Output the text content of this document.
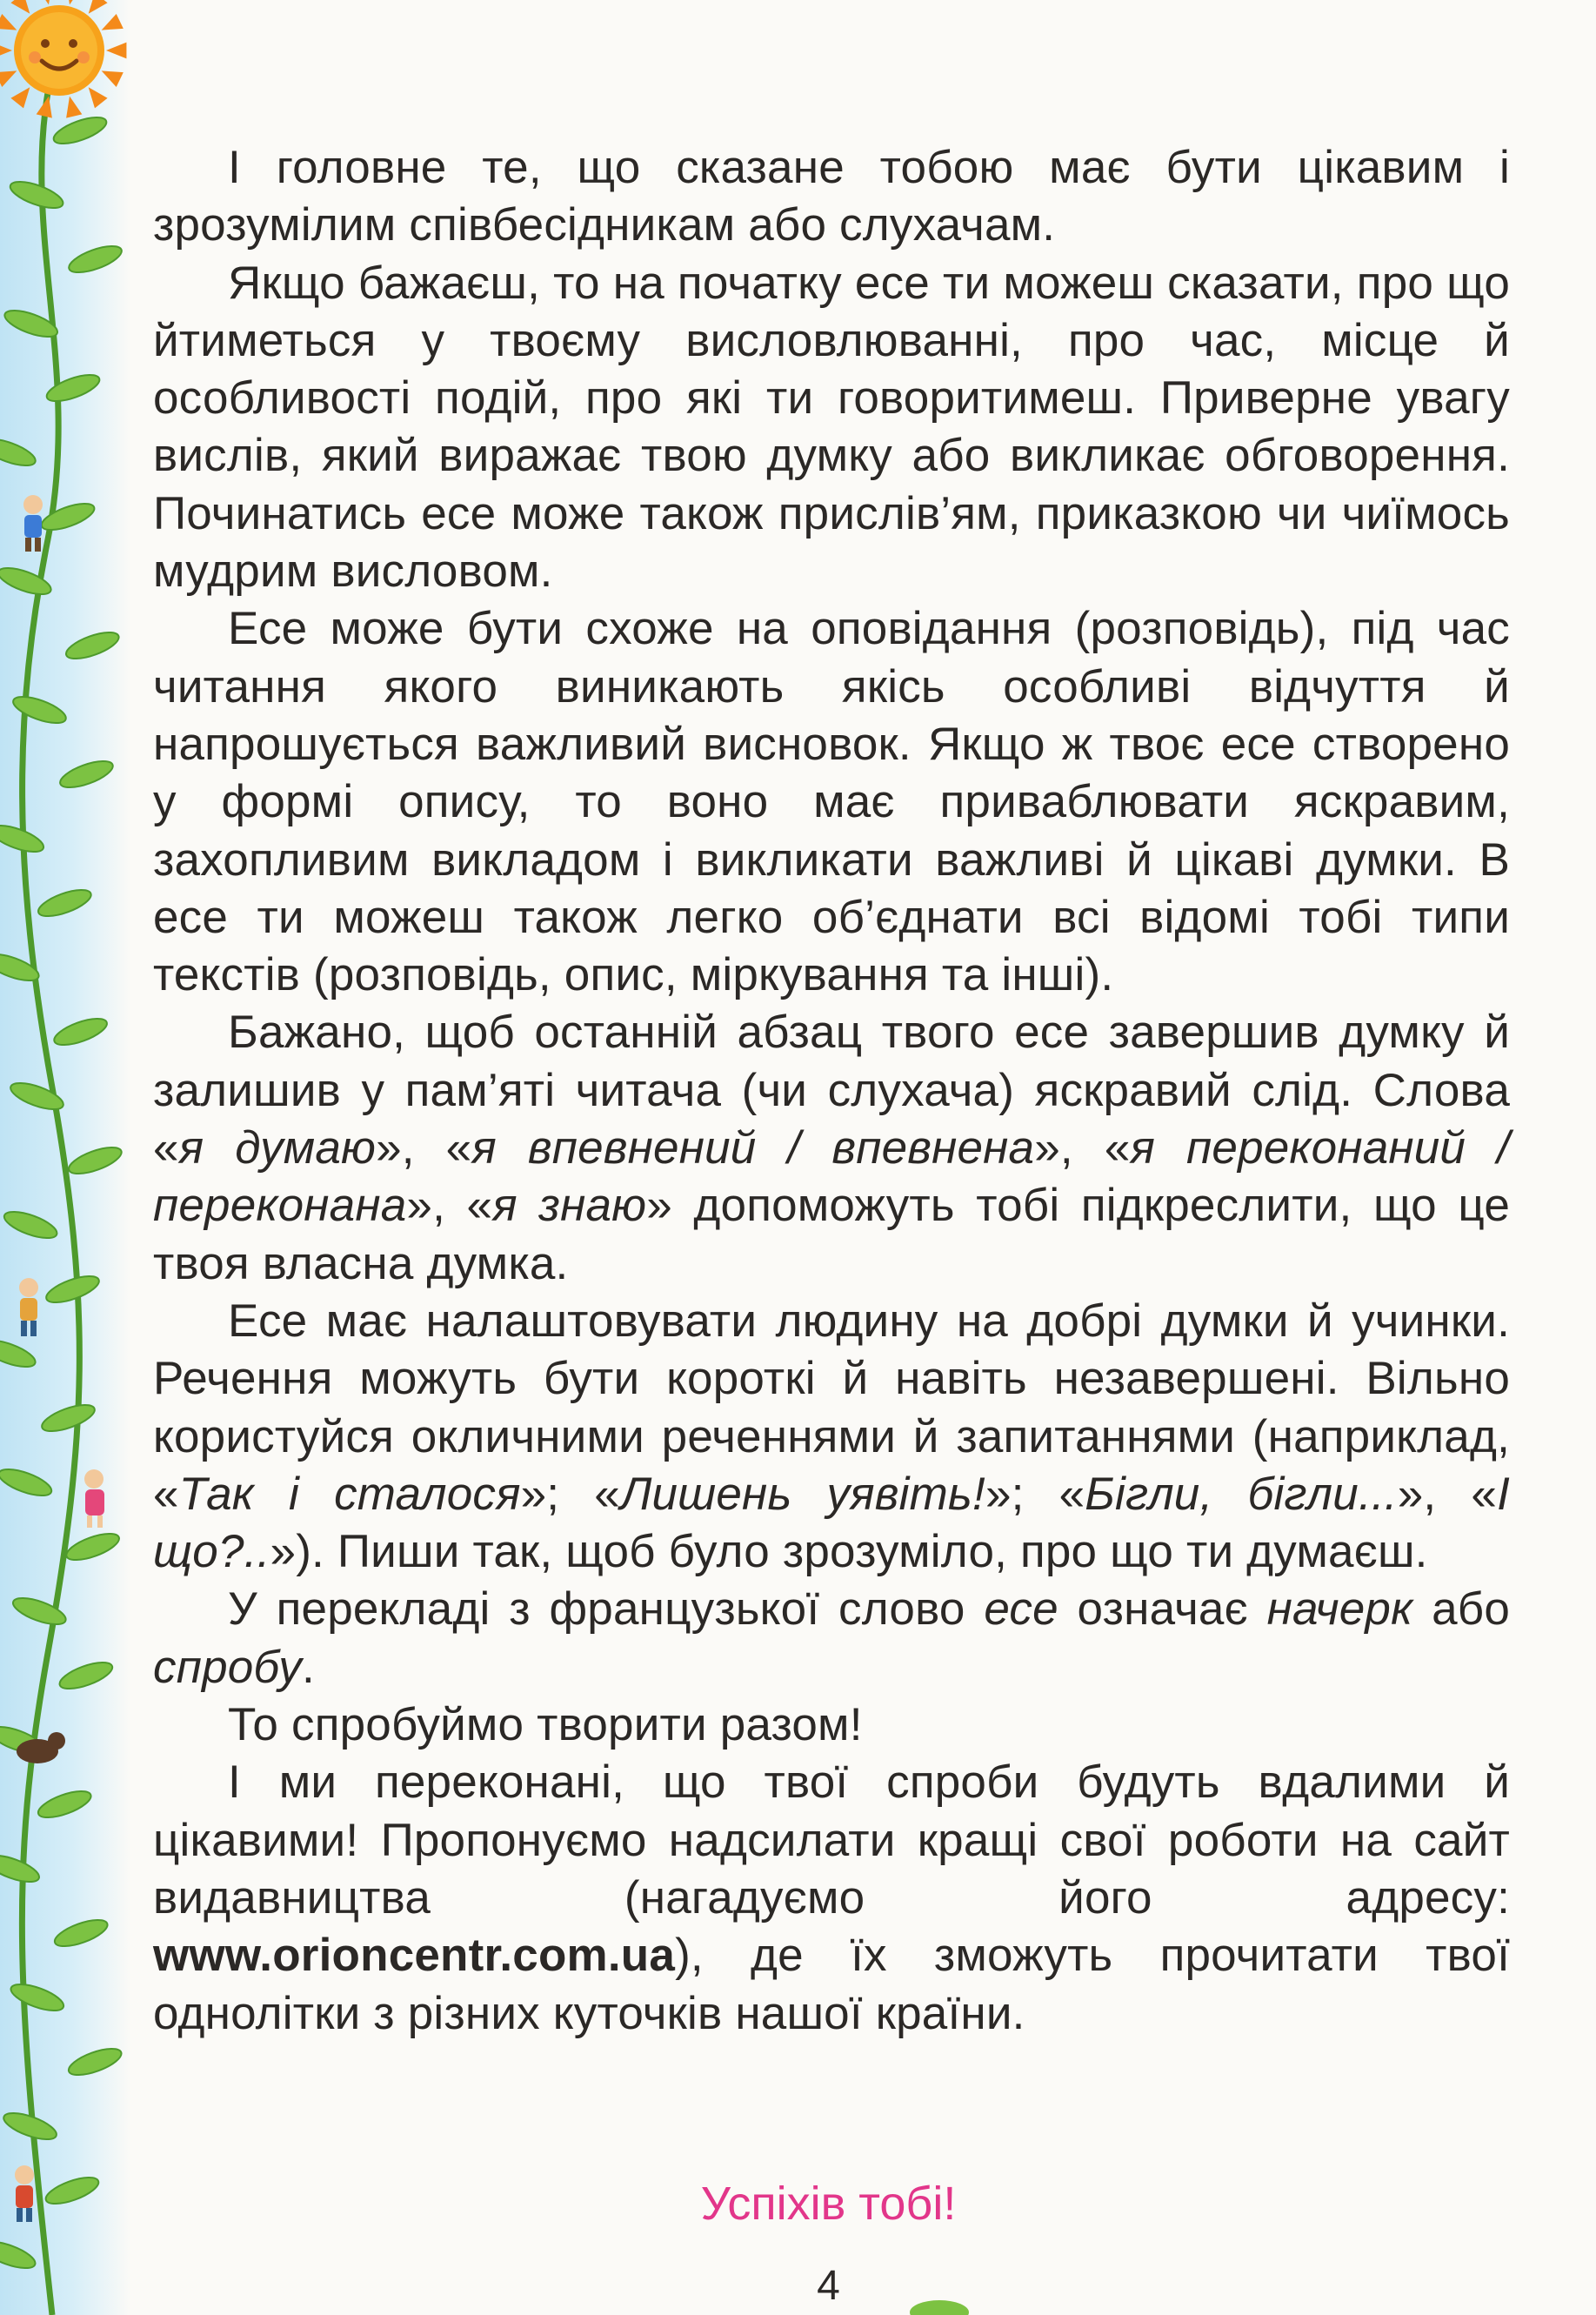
І головне те, що сказане тобою має бути цікавим і зрозумілим співбесідникам або слухачам.

Якщо бажаєш, то на початку есе ти можеш сказати, про що йтиметься у твоєму висловлюванні, про час, місце й особливості подій, про які ти говоритимеш. Приверне увагу вислів, який виражає твою думку або викликає обговорення. Починатись есе може також прислів’ям, приказкою чи чиїмось мудрим висловом.

Есе може бути схоже на оповідання (розповідь), під час читання якого виникають якісь особливі відчуття й напрошується важливий висновок. Якщо ж твоє есе створено у формі опису, то воно має приваблювати яскравим, захопливим викладом і викликати важливі й цікаві думки. В есе ти можеш також легко об’єднати всі відомі тобі типи текстів (розповідь, опис, міркування та інші).

Бажано, щоб останній абзац твого есе завершив думку й залишив у пам’яті читача (чи слухача) яскравий слід. Слова «я думаю», «я впевнений / впевнена», «я переконаний / переконана», «я знаю» допоможуть тобі підкреслити, що це твоя власна думка.

Есе має налаштовувати людину на добрі думки й учинки. Речення можуть бути короткі й навіть незавершені. Вільно користуйся окличними реченнями й запитаннями (наприклад, «Так і сталося»; «Лишень уявіть!»; «Бігли, бігли...», «І що?..»). Пиши так, щоб було зрозуміло, про що ти думаєш.

У перекладі з французької слово есе означає начерк або спробу.

То спробуймо творити разом!

І ми переконані, що твої спроби будуть вдалими й цікавими! Пропонуємо надсилати кращі свої роботи на сайт видавництва (нагадуємо його адресу: www.orioncentr.com.ua), де їх зможуть прочитати твої однолітки з різних куточків нашої країни.

Успіхів тобі!
4
